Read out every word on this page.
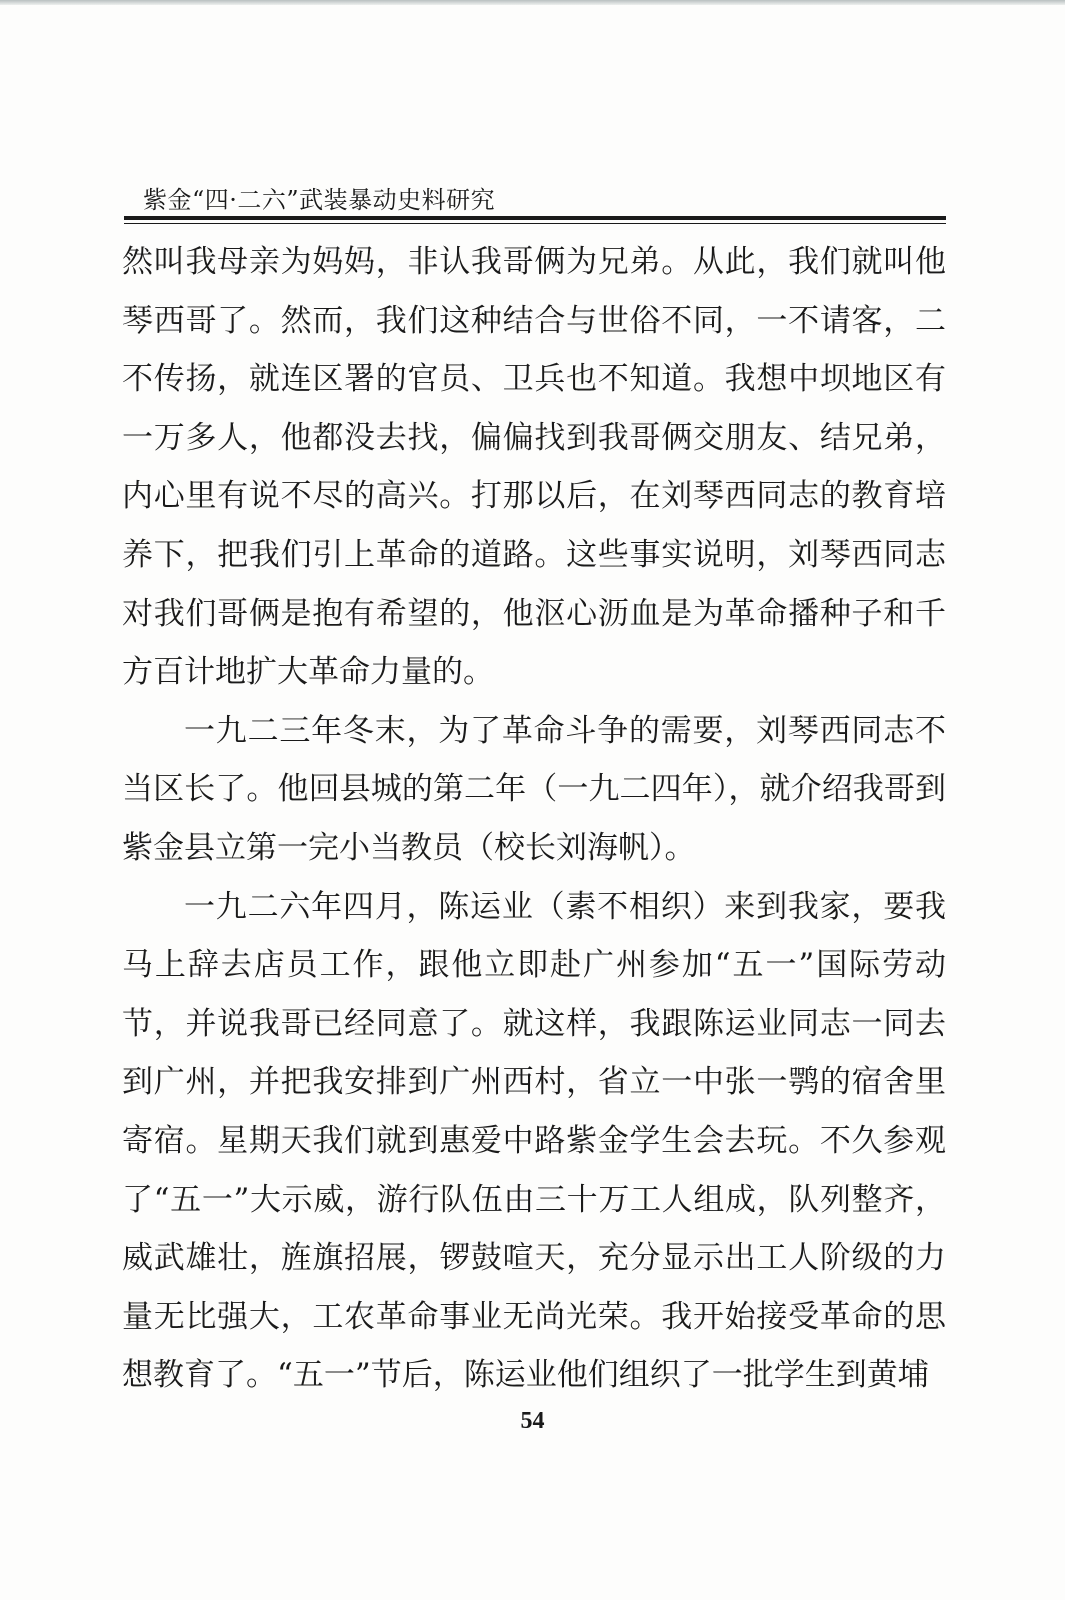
紫金“四·二六”武装暴动史料研究

然叫我母亲为妈妈，非认我哥俩为兄弟。从此，我们就叫他琴西哥了。然而，我们这种结合与世俗不同，一不请客，二不传扬，就连区署的官员、卫兵也不知道。我想中坝地区有一万多人，他都没去找，偏偏找到我哥俩交朋友、结兄弟，内心里有说不尽的高兴。打那以后，在刘琴西同志的教育培养下，把我们引上革命的道路。这些事实说明，刘琴西同志对我们哥俩是抱有希望的，他沤心沥血是为革命播种子和千方百计地扩大革命力量的。

一九二三年冬末，为了革命斗争的需要，刘琴西同志不当区长了。他回县城的第二年（一九二四年），就介绍我哥到紫金县立第一完小当教员（校长刘海帆）。

一九二六年四月，陈运业（素不相织）来到我家，要我马上辞去店员工作，跟他立即赴广州参加“五一”国际劳动节，并说我哥已经同意了。就这样，我跟陈运业同志一同去到广州，并把我安排到广州西村，省立一中张一鹗的宿舍里寄宿。星期天我们就到惠爱中路紫金学生会去玩。不久参观了“五一”大示威，游行队伍由三十万工人组成，队列整齐，威武雄壮，旌旗招展，锣鼓喧天，充分显示出工人阶级的力量无比强大，工农革命事业无尚光荣。我开始接受革命的思想教育了。“五一”节后，陈运业他们组织了一批学生到黄埔

54
